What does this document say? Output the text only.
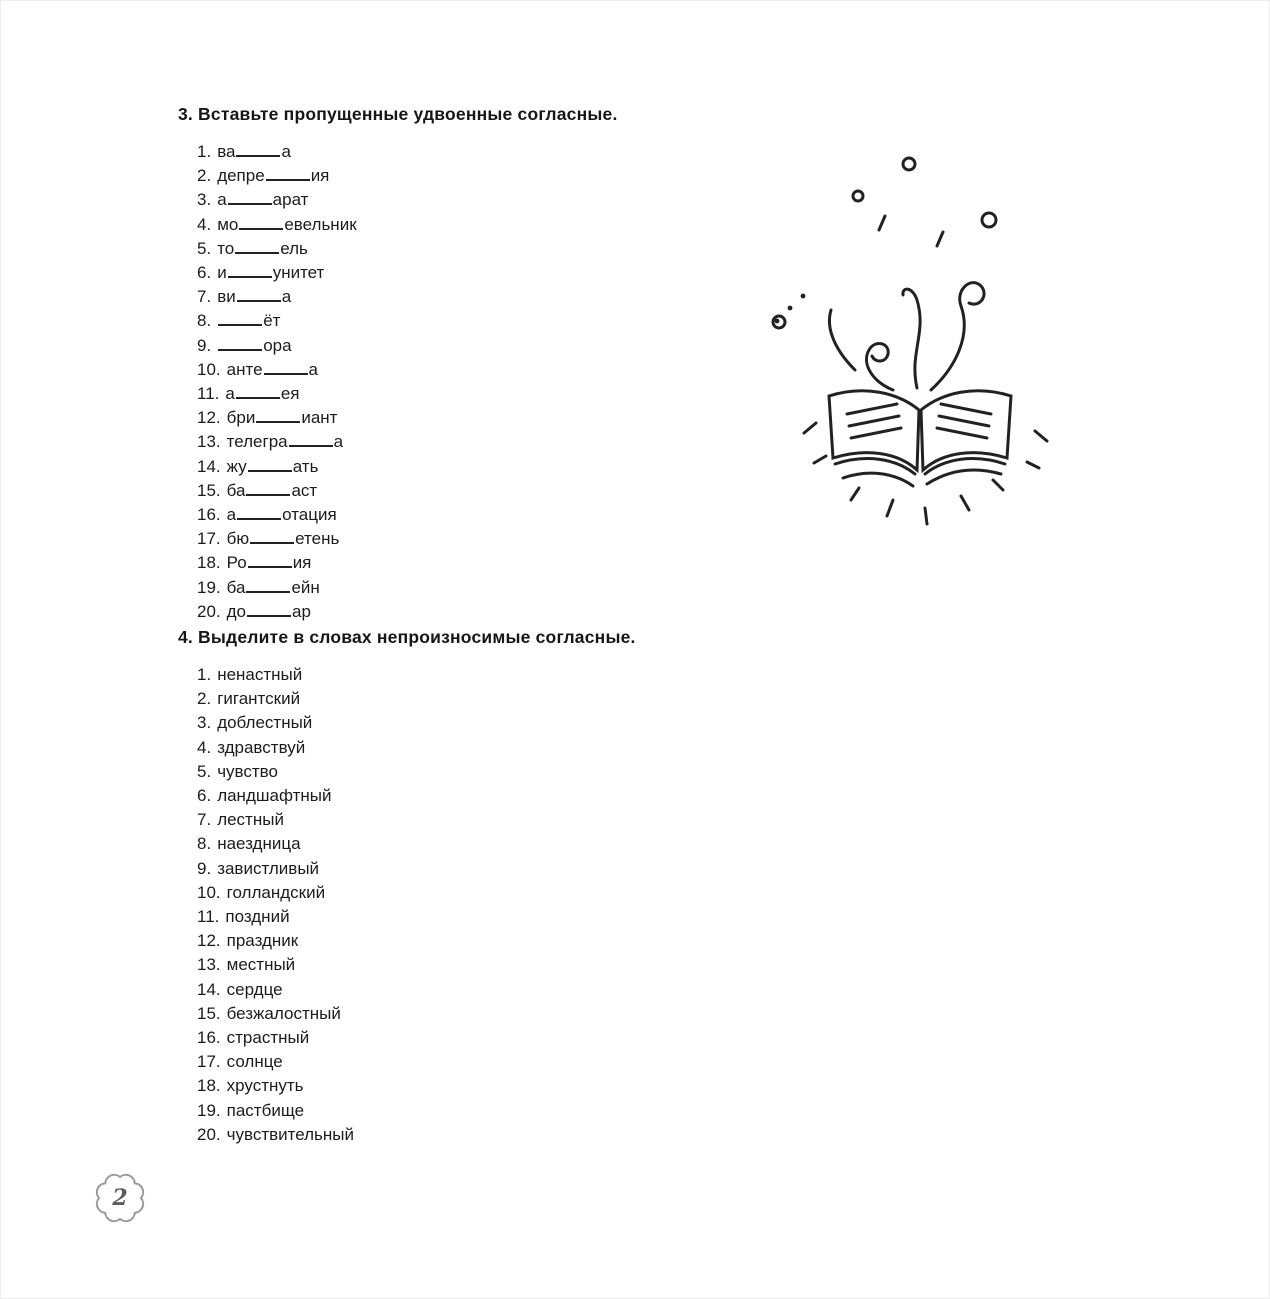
3. Вставьте пропущенные удвоенные согласные.
1. ва	а
2. депре	ия
3. а	арат
4. мо	евельник
5. то	ель
6. и	унитет
7. ви	а
8.	ёт
9.	ора
10. анте	а
11. а	ея
12. бри	иант
13. телегра	а
14. жу	ать
15. ба	аст
16. а	отация
17. бю	етень
18. Ро	ия
19. ба	ейн
20. до	ар
4. Выделите в словах непроизносимые согласные.
1. ненастный
2. гигантский
3. доблестный
4. здравствуй
5. чувство
6. ландшафтный
7. лестный
8. наездница
9. завистливый
10. голландский
11. поздний
12. праздник
13. местный
14. сердце
15. безжалостный
16. страстный
17. солнце
18. хрустнуть
19. пастбище
20. чувствительный
2
